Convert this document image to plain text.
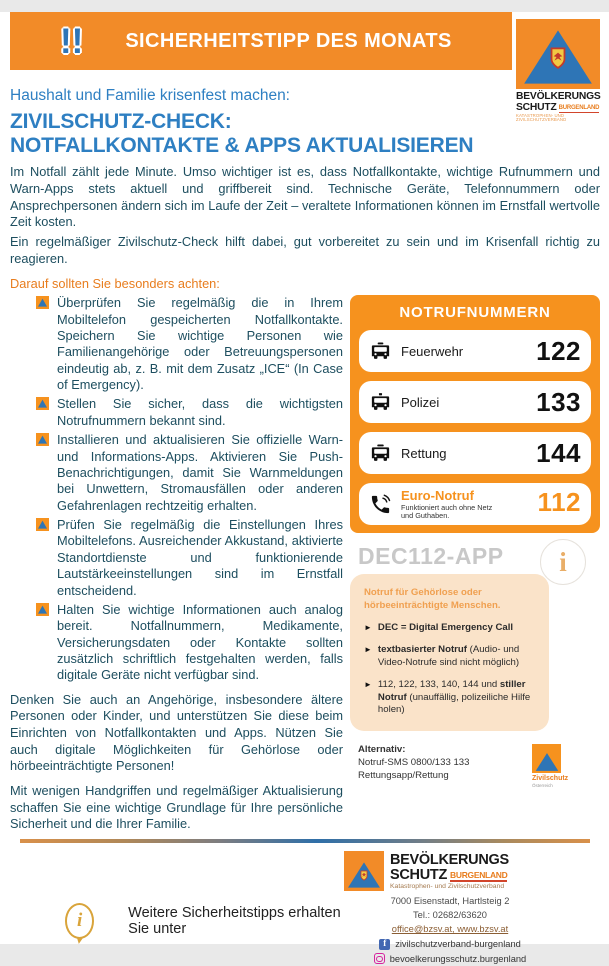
!! SICHERHEITSTIPP DES MONATS
BEVÖLKERUNGS
SCHUTZ BURGENLAND
KATASTROPHEN- UND ZIVILSCHUTZVERBAND

Haushalt und Familie krisenfest machen:

ZIVILSCHUTZ-CHECK:
NOTFALLKONTAKTE & APPS AKTUALISIEREN

Im Notfall zählt jede Minute. Umso wichtiger ist es, dass Notfallkontakte, wichtige Rufnummern und Warn-Apps stets aktuell und griffbereit sind. Technische Geräte, Telefonnummern oder Ansprechpersonen ändern sich im Laufe der Zeit – veraltete Informationen können im Ernstfall wertvolle Zeit kosten.

Ein regelmäßiger Zivilschutz-Check hilft dabei, gut vorbereitet zu sein und im Krisenfall richtig zu reagieren.

Darauf sollten Sie besonders achten:

Überprüfen Sie regelmäßig die in Ihrem Mobiltelefon gespeicherten Notfallkontakte. Speichern Sie wichtige Personen wie Familienangehörige oder Betreuungspersonen eindeutig ab, z. B. mit dem Zusatz „ICE“ (In Case of Emergency).
Stellen Sie sicher, dass die wichtigsten Notrufnummern bekannt sind.
Installieren und aktualisieren Sie offizielle Warn- und Informations-Apps. Aktivieren Sie Push-Benachrichtigungen, damit Sie Warnmeldungen bei Unwettern, Stromausfällen oder anderen Gefahrenlagen rechtzeitig erhalten.
Prüfen Sie regelmäßig die Einstellungen Ihres Mobiltelefons. Ausreichender Akkustand, aktivierte Standortdienste und funktionierende Lautstärkeeinstellungen sind im Ernstfall entscheidend.
Halten Sie wichtige Informationen auch analog bereit. Notfallnummern, Medikamente, Versicherungsdaten oder Kontakte sollten zusätzlich schriftlich festgehalten werden, falls digitale Geräte nicht verfügbar sind.

Denken Sie auch an Angehörige, insbesondere ältere Personen oder Kinder, und unterstützen Sie diese beim Einrichten von Notfallkontakten und Apps. Nützen Sie auch digitale Möglichkeiten für Gehörlose oder hörbeeinträchtigte Personen!

Mit wenigen Handgriffen und regelmäßiger Aktualisierung schaffen Sie eine wichtige Grundlage für Ihre persönliche Sicherheit und die Ihrer Familie.

NOTRUFNUMMERN
Feuerwehr	122
Polizei	133
Rettung	144
Euro-Notruf
Funktioniert auch ohne Netz und Guthaben.	112
DEC112-APP	i
Notruf für Gehörlose oder hörbeeinträchtigte Menschen.
► DEC = Digital Emergency Call
► textbasierter Notruf (Audio- und Video-Notrufe sind nicht möglich)
► 112, 122, 133, 140, 144 und stiller Notruf (unauffällig, polizeiliche Hilfe holen)
Alternativ:
Notruf-SMS 0800/133 133
Rettungsapp/Rettung	Zivilschutz
Österreich
i	Weitere Sicherheitstipps erhalten Sie unter
BEVÖLKERUNGS
SCHUTZ BURGENLAND
Katastrophen- und Zivilschutzverband
7000 Eisenstadt, Hartlsteig 2
Tel.: 02682/63620
office@bzsv.at, www.bzsv.at
f zivilschutzverband-burgenland
bevoelkerungsschutz.burgenland
